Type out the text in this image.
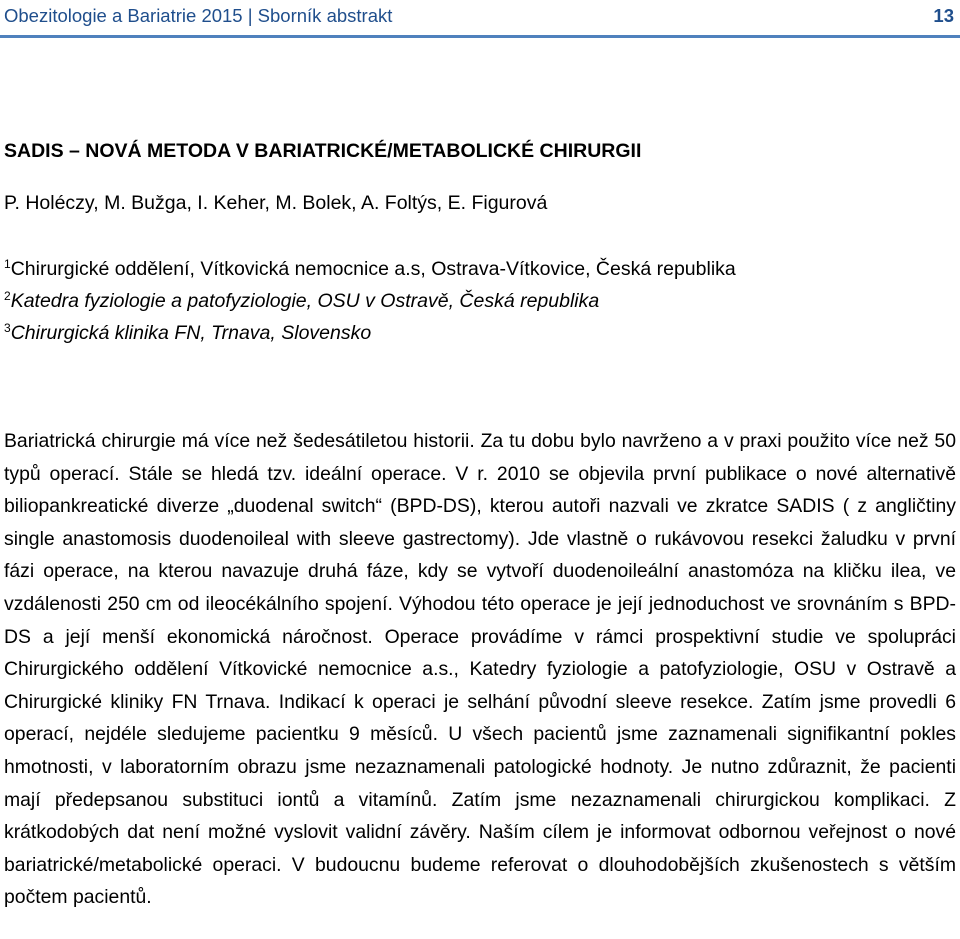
Obezitologie a Bariatrie 2015 | Sborník abstrakt	13
SADIS – NOVÁ METODA V BARIATRICKÉ/METABOLICKÉ CHIRURGII
P. Holéczy, M. Bužga, I. Keher, M. Bolek, A. Foltýs, E. Figurová
$^1$Chirurgické oddělení, Vítkovická nemocnice a.s, Ostrava-Vítkovice, Česká republika
$^2$Katedra fyziologie a patofyziologie, OSU v Ostravě, Česká republika
$^3$Chirurgická klinika FN, Trnava, Slovensko
Bariatrická chirurgie má více než šedesátiletou historii. Za tu dobu bylo navrženo a v praxi použito více než 50 typů operací. Stále se hledá tzv. ideální operace. V r. 2010 se objevila první publikace o nové alternativě biliopankreatické diverze „duodenal switch“ (BPD-DS), kterou autoři nazvali ve zkratce SADIS ( z angličtiny single anastomosis duodenoileal with sleeve gastrectomy). Jde vlastně o rukávovou resekci žaludku v první fázi operace, na kterou navazuje druhá fáze, kdy se vytvoří duodenoileální anastomóza na kličku ilea, ve vzdálenosti 250 cm od ileocékálního spojení. Výhodou této operace je její jednoduchost ve srovnáním s BPD-DS a její menší ekonomická náročnost. Operace provádíme v rámci prospektivní studie ve spolupráci Chirurgického oddělení Vítkovické nemocnice a.s., Katedry fyziologie a patofyziologie, OSU v Ostravě a Chirurgické kliniky FN Trnava. Indikací k operaci je selhání původní sleeve resekce. Zatím jsme provedli 6 operací, nejdéle sledujeme pacientku 9 měsíců. U všech pacientů jsme zaznamenali signifikantní pokles hmotnosti, v laboratorním obrazu jsme nezaznamenali patologické hodnoty. Je nutno zdůraznit, že pacienti mají předepsanou substituci iontů a vitamínů. Zatím jsme nezaznamenali chirurgickou komplikaci. Z krátkodobých dat není možné vyslovit validní závěry. Naším cílem je informovat odbornou veřejnost o nové bariatrické/metabolické operaci. V budoucnu budeme referovat o dlouhodobějších zkušenostech s větším počtem pacientů.
